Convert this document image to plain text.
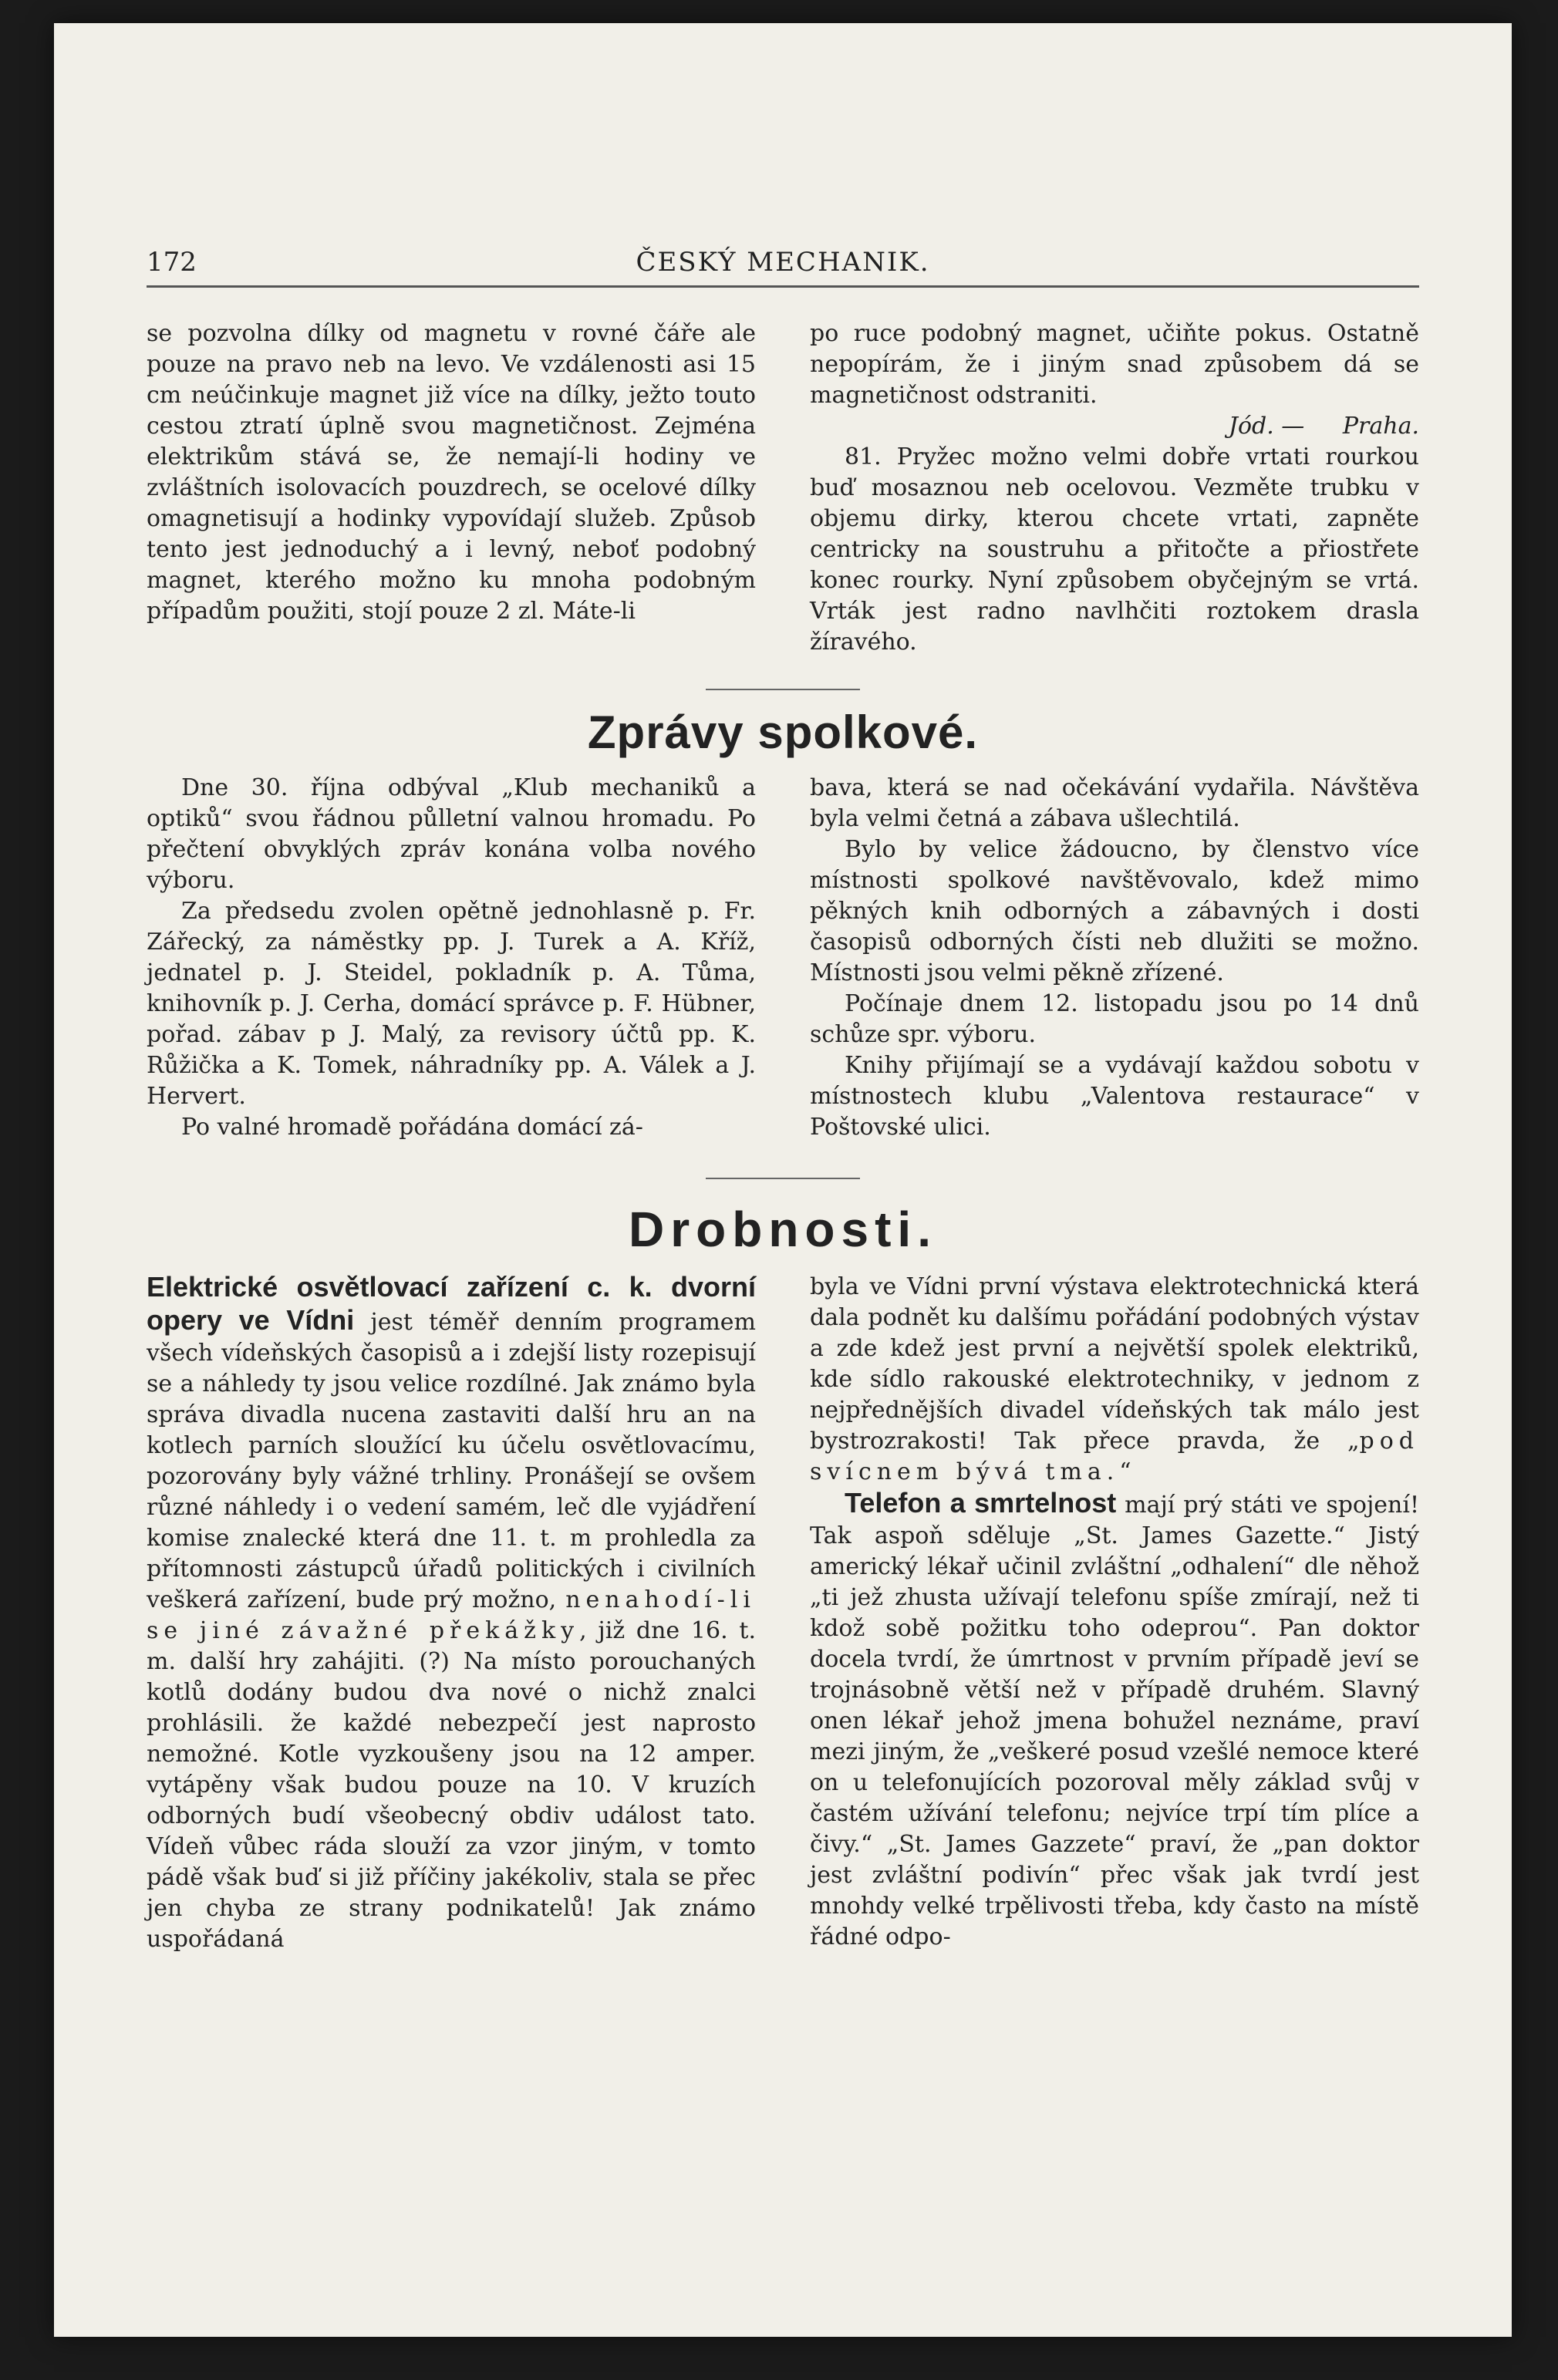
172	ČESKÝ MECHANIK.

se pozvolna dílky od magnetu v rovné čáře ale pouze na pravo neb na levo. Ve vzdálenosti asi 15 cm neúčinkuje magnet již více na dílky, ježto touto cestou ztratí úplně svou magnetičnost. Zejména elektrikům stává se, že nemají-li hodiny ve zvláštních isolovacích pouzdrech, se ocelové dílky omagnetisují a hodinky vypovídají služeb. Způsob tento jest jednoduchý a i levný, neboť podobný magnet, kterého možno ku mnoha podobným případům použiti, stojí pouze 2 zl. Máte-li

po ruce podobný magnet, učiňte pokus. Ostatně nepopírám, že i jiným snad způsobem dá se magnetičnost odstraniti.

Jód. — Praha.

81. Pryžec možno velmi dobře vrtati rourkou buď mosaznou neb ocelovou. Vezměte trubku v objemu dirky, kterou chcete vrtati, zapněte centricky na soustruhu a přitočte a přiostřete konec rourky. Nyní způsobem obyčejným se vrtá. Vrták jest radno navlhčiti roztokem drasla žíravého.

Zprávy spolkové.

Dne 30. října odbýval „Klub mechaniků a optiků“ svou řádnou půlletní valnou hromadu. Po přečtení obvyklých zpráv konána volba nového výboru.

Za předsedu zvolen opětně jednohlasně p. Fr. Zářecký, za náměstky pp. J. Turek a A. Kříž, jednatel p. J. Steidel, pokladník p. A. Tůma, knihovník p. J. Cerha, domácí správce p. F. Hübner, pořad. zábav p J. Malý, za revisory účtů pp. K. Růžička a K. Tomek, náhradníky pp. A. Válek a J. Hervert.

Po valné hromadě pořádána domácí zá-

bava, která se nad očekávání vydařila. Návštěva byla velmi četná a zábava ušlechtilá.

Bylo by velice žádoucno, by členstvo více místnosti spolkové navštěvovalo, kdež mimo pěkných knih odborných a zábavných i dosti časopisů odborných čísti neb dlužiti se možno. Místnosti jsou velmi pěkně zřízené.

Počínaje dnem 12. listopadu jsou po 14 dnů schůze spr. výboru.

Knihy přijímají se a vydávají každou sobotu v místnostech klubu „Valentova restaurace“ v Poštovské ulici.

Drobnosti.

Elektrické osvětlovací zařízení c. k. dvorní opery ve Vídni jest téměř denním programem všech vídeňských časopisů a i zdejší listy rozepisují se a náhledy ty jsou velice rozdílné. Jak známo byla správa divadla nucena zastaviti další hru an na kotlech parních sloužící ku účelu osvětlovacímu, pozorovány byly vážné trhliny. Pronášejí se ovšem různé náhledy i o vedení samém, leč dle vyjádření komise znalecké která dne 11. t. m prohledla za přítomnosti zástupců úřadů politických i civilních veškerá zařízení, bude prý možno, nenahodí-li se jiné závažné překážky, již dne 16. t. m. další hry zahájiti. (?) Na místo porouchaných kotlů dodány budou dva nové o nichž znalci prohlásili. že každé nebezpečí jest naprosto nemožné. Kotle vyzkoušeny jsou na 12 amper. vytápěny však budou pouze na 10. V kruzích odborných budí všeobecný obdiv událost tato. Vídeň vůbec ráda slouží za vzor jiným, v tomto pádě však buď si již příčiny jakékoliv, stala se přec jen chyba ze strany podnikatelů! Jak známo uspořádaná

byla ve Vídni první výstava elektrotechnická která dala podnět ku dalšímu pořádání podobných výstav a zde kdež jest první a největší spolek elektriků, kde sídlo rakouské elektrotechniky, v jednom z nejpřednějších divadel vídeňských tak málo jest bystrozrakosti! Tak přece pravda, že „pod svícnem bývá tma.“

Telefon a smrtelnost mají prý státi ve spojení! Tak aspoň sděluje „St. James Gazette.“ Jistý americký lékař učinil zvláštní „odhalení“ dle něhož „ti jež zhusta užívají telefonu spíše zmírají, než ti kdož sobě požitku toho odeprou“. Pan doktor docela tvrdí, že úmrtnost v prvním případě jeví se trojnásobně větší než v případě druhém. Slavný onen lékař jehož jmena bohužel neznáme, praví mezi jiným, že „veškeré posud vzešlé nemoce které on u telefonujících pozoroval měly základ svůj v častém užívání telefonu; nejvíce trpí tím plíce a čivy.“ „St. James Gazzete“ praví, že „pan doktor jest zvláštní podivín“ přec však jak tvrdí jest mnohdy velké trpělivosti třeba, kdy často na místě řádné odpo-
